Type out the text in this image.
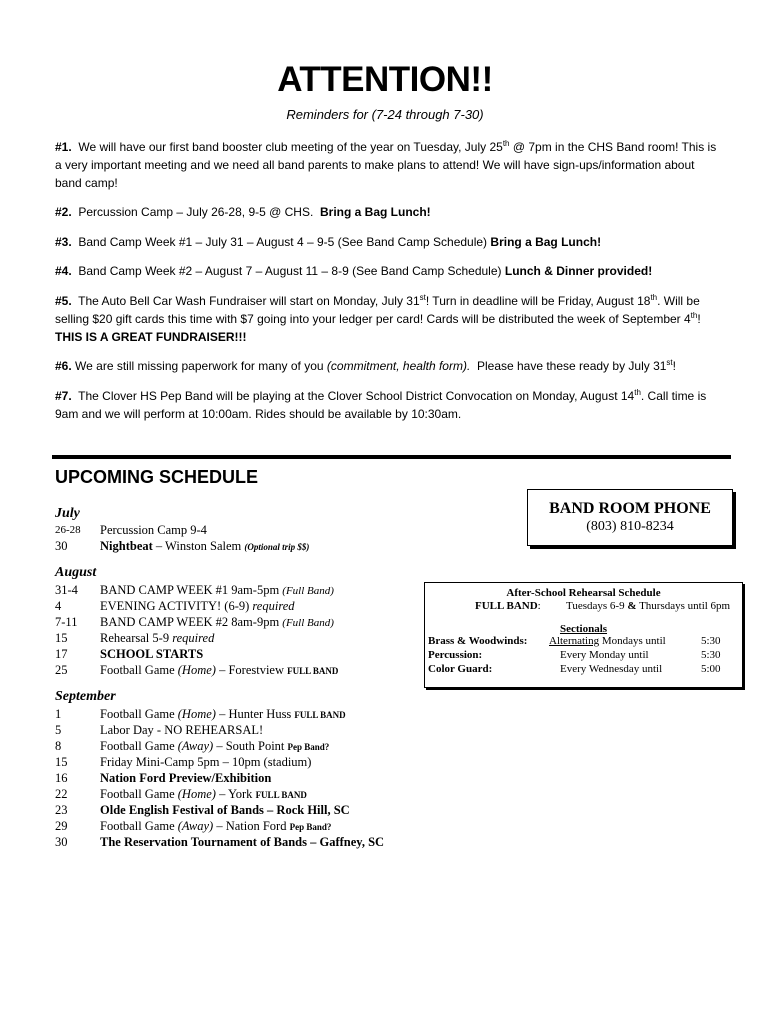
ATTENTION!!
Reminders for (7-24 through 7-30)
#1. We will have our first band booster club meeting of the year on Tuesday, July 25th @ 7pm in the CHS Band room! This is a very important meeting and we need all band parents to make plans to attend! We will have sign-ups/information about band camp!
#2. Percussion Camp – July 26-28, 9-5 @ CHS. Bring a Bag Lunch!
#3. Band Camp Week #1 – July 31 – August 4 – 9-5 (See Band Camp Schedule) Bring a Bag Lunch!
#4. Band Camp Week #2 – August 7 – August 11 – 8-9 (See Band Camp Schedule) Lunch & Dinner provided!
#5. The Auto Bell Car Wash Fundraiser will start on Monday, July 31st! Turn in deadline will be Friday, August 18th. Will be selling $20 gift cards this time with $7 going into your ledger per card! Cards will be distributed the week of September 4th!  THIS IS A GREAT FUNDRAISER!!!
#6. We are still missing paperwork for many of you (commitment, health form). Please have these ready by July 31st!
#7. The Clover HS Pep Band will be playing at the Clover School District Convocation on Monday, August 14th. Call time is 9am and we will perform at 10:00am. Rides should be available by 10:30am.
UPCOMING SCHEDULE
July
26-28 Percussion Camp 9-4
30	Nightbeat – Winston Salem (Optional trip $$)
August
31-4 BAND CAMP WEEK #1 9am-5pm (Full Band)
4	EVENING ACTIVITY! (6-9) required
7-11 BAND CAMP WEEK #2 8am-9pm (Full Band)
15	Rehearsal 5-9 required
17	SCHOOL STARTS
25	Football Game (Home) – Forestview FULL BAND
September
1	Football Game (Home) – Hunter Huss FULL BAND
5	Labor Day - NO REHEARSAL!
8	Football Game (Away) – South Point Pep Band?
15	Friday Mini-Camp 5pm – 10pm (stadium)
16	Nation Ford Preview/Exhibition
22	Football Game (Home) – York FULL BAND
23	Olde English Festival of Bands – Rock Hill, SC
29	Football Game (Away) – Nation Ford Pep Band?
30	The Reservation Tournament of Bands – Gaffney, SC
BAND ROOM PHONE
(803) 810-8234
After-School Rehearsal Schedule
FULL BAND: Tuesdays 6-9 & Thursdays until 6pm
Sectionals
Brass & Woodwinds: Alternating Mondays until	5:30
Percussion:	Every Monday until	5:30
Color Guard:	Every Wednesday until	5:00
